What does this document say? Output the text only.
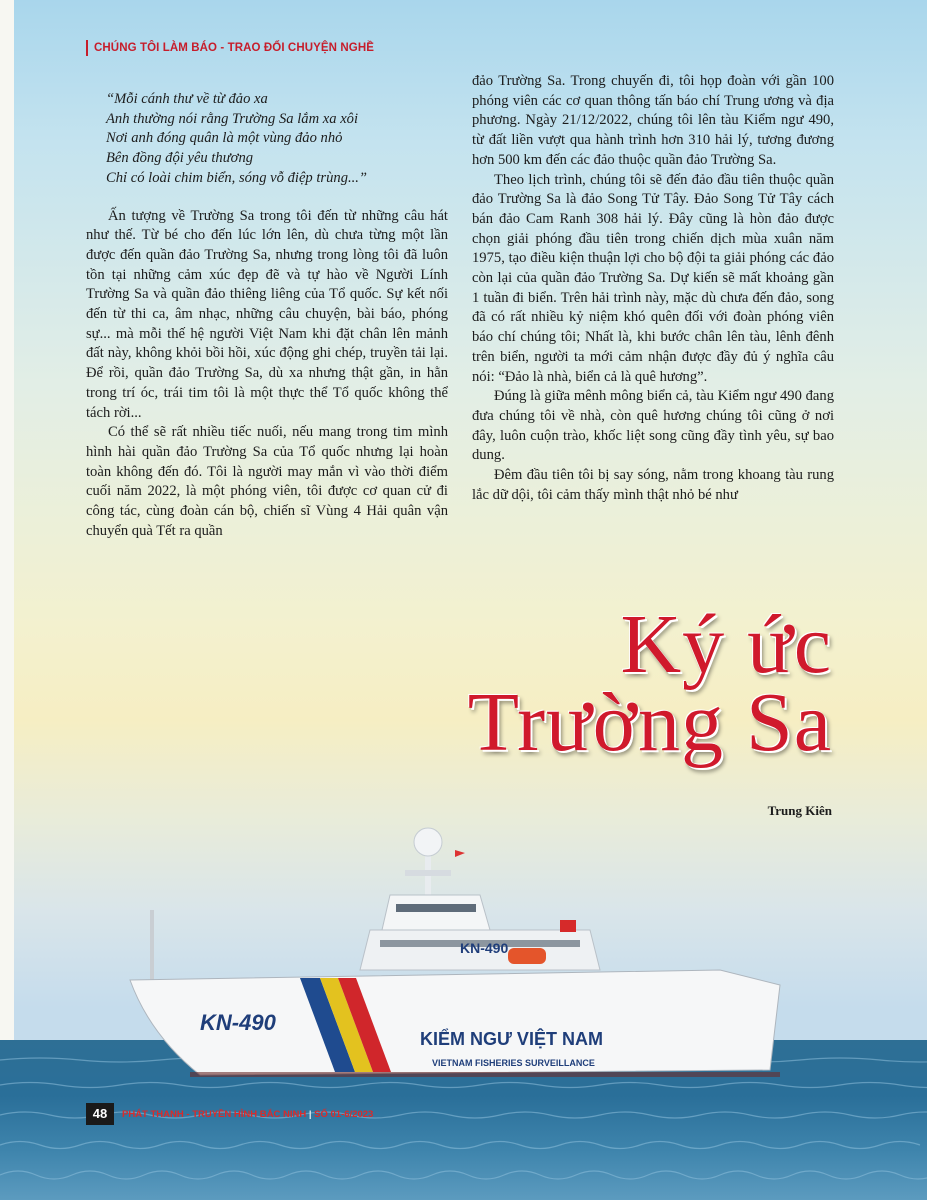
CHÚNG TÔI LÀM BÁO - TRAO ĐỔI CHUYỆN NGHỀ
“Mỗi cánh thư về từ đảo xa
Anh thường nói rằng Trường Sa lắm xa xôi
Nơi anh đóng quân là một vùng đảo nhỏ
Bên đồng đội yêu thương
Chỉ có loài chim biển, sóng vỗ điệp trùng...”

Ấn tượng về Trường Sa trong tôi đến từ những câu hát như thế. Từ bé cho đến lúc lớn lên, dù chưa từng một lần được đến quần đảo Trường Sa, nhưng trong lòng tôi đã luôn tồn tại những cảm xúc đẹp đẽ và tự hào về Người Lính Trường Sa và quần đảo thiêng liêng của Tổ quốc. Sự kết nối đến từ thi ca, âm nhạc, những câu chuyện, bài báo, phóng sự... mà mỗi thế hệ người Việt Nam khi đặt chân lên mảnh đất này, không khỏi bồi hồi, xúc động ghi chép, truyền tải lại. Để rồi, quần đảo Trường Sa, dù xa nhưng thật gần, in hằn trong trí óc, trái tim tôi là một thực thể Tổ quốc không thể tách rời...

Có thể sẽ rất nhiều tiếc nuối, nếu mang trong tim mình hình hài quần đảo Trường Sa của Tổ quốc nhưng lại hoàn toàn không đến đó. Tôi là người may mắn vì vào thời điểm cuối năm 2022, là một phóng viên, tôi được cơ quan cử đi công tác, cùng đoàn cán bộ, chiến sĩ Vùng 4 Hải quân vận chuyển quà Tết ra quần

đảo Trường Sa. Trong chuyến đi, tôi họp đoàn với gần 100 phóng viên các cơ quan thông tấn báo chí Trung ương và địa phương. Ngày 21/12/2022, chúng tôi lên tàu Kiểm ngư 490, từ đất liền vượt qua hành trình hơn 310 hải lý, tương đương hơn 500 km đến các đảo thuộc quần đảo Trường Sa.

Theo lịch trình, chúng tôi sẽ đến đảo đầu tiên thuộc quần đảo Trường Sa là đảo Song Tử Tây. Đảo Song Tử Tây cách bán đảo Cam Ranh 308 hải lý. Đây cũng là hòn đảo được chọn giải phóng đầu tiên trong chiến dịch mùa xuân năm 1975, tạo điều kiện thuận lợi cho bộ đội ta giải phóng các đảo còn lại của quần đảo Trường Sa. Dự kiến sẽ mất khoảng gần 1 tuần đi biển. Trên hải trình này, mặc dù chưa đến đảo, song đã có rất nhiều kỷ niệm khó quên đối với đoàn phóng viên báo chí chúng tôi; Nhất là, khi bước chân lên tàu, lênh đênh trên biển, người ta mới cảm nhận được đầy đủ ý nghĩa câu nói: “Đảo là nhà, biển cả là quê hương”.

Đúng là giữa mênh mông biển cả, tàu Kiểm ngư 490 đang đưa chúng tôi về nhà, còn quê hương chúng tôi cũng ở nơi đây, luôn cuộn trào, khốc liệt song cũng đầy tình yêu, sự bao dung.

Đêm đầu tiên tôi bị say sóng, nằm trong khoang tàu rung lắc dữ dội, tôi cảm thấy mình thật nhỏ bé như

Ký ức
Trường Sa
Trung Kiên
KN-490
KN-490
KIỂM NGƯ VIỆT NAM
VIETNAM FISHERIES SURVEILLANCE
48	PHÁT THANH - TRUYỀN HÌNH BẮC NINH | SỐ 01-6/2023
